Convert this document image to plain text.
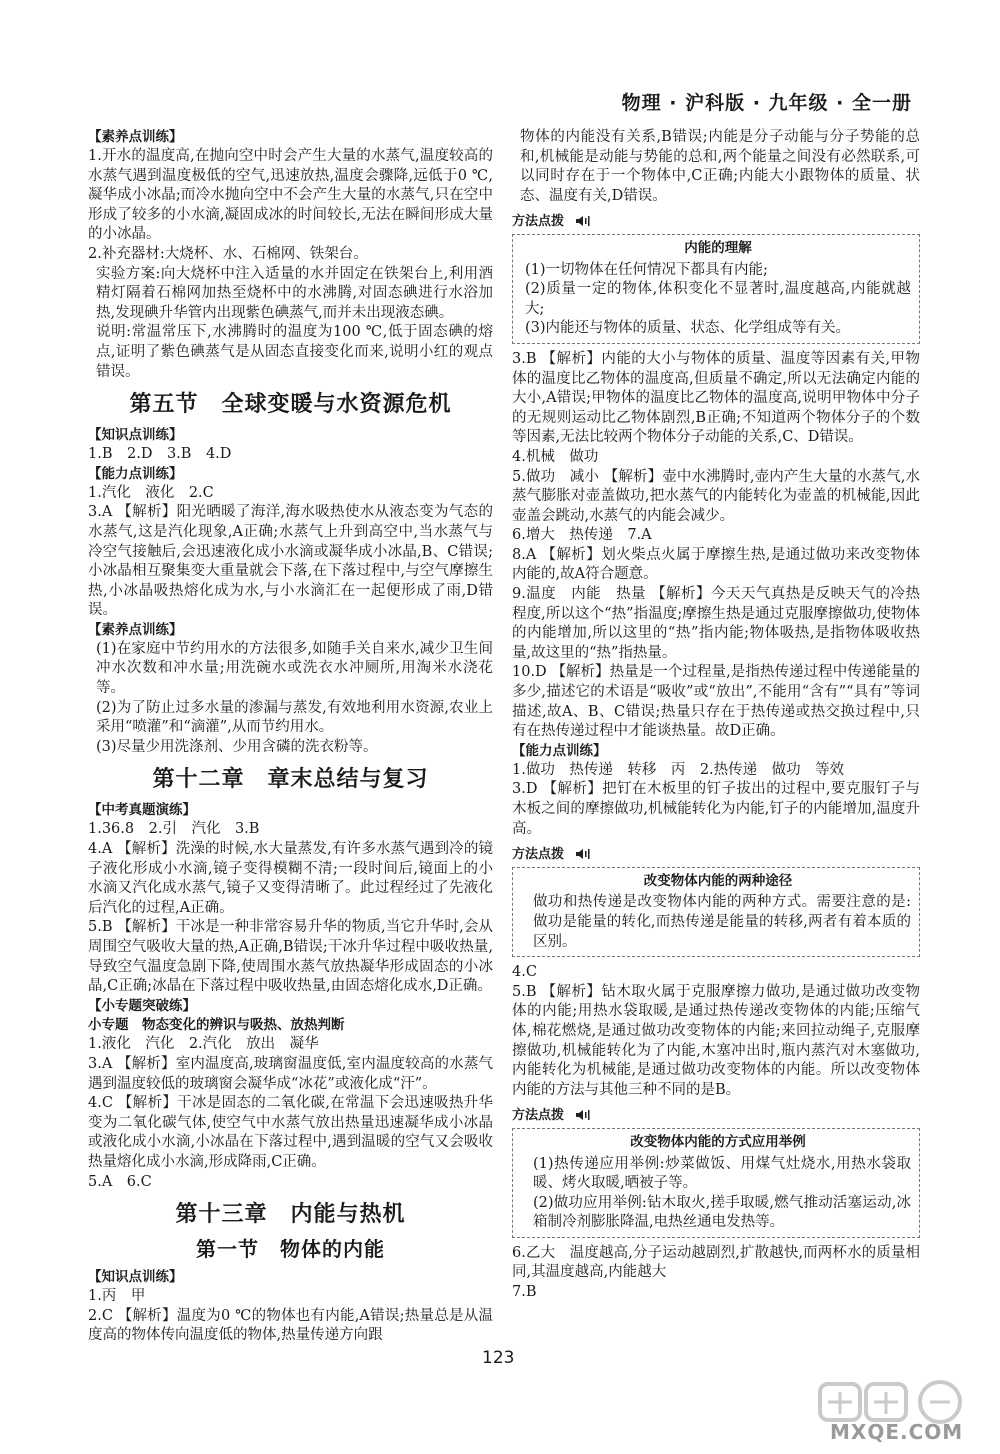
物理 · 沪科版 · 九年级 · 全一册
【素养点训练】

1.开水的温度高,在抛向空中时会产生大量的水蒸气,温度较高的水蒸气遇到温度极低的空气,迅速放热,温度会骤降,远低于0 ℃,凝华成小冰晶;而冷水抛向空中不会产生大量的水蒸气,只在空中形成了较多的小水滴,凝固成冰的时间较长,无法在瞬间形成大量的小冰晶。

2.补充器材:大烧杯、水、石棉网、铁架台。

实验方案:向大烧杯中注入适量的水并固定在铁架台上,利用酒精灯隔着石棉网加热至烧杯中的水沸腾,对固态碘进行水浴加热,发现碘升华管内出现紫色碘蒸气,而并未出现液态碘。

说明:常温常压下,水沸腾时的温度为100 ℃,低于固态碘的熔点,证明了紫色碘蒸气是从固态直接变化而来,说明小红的观点错误。

第五节　全球变暖与水资源危机
【知识点训练】

1.B　2.D　3.B　4.D

【能力点训练】

1.汽化　液化　2.C

3.A 【解析】阳光晒暖了海洋,海水吸热使水从液态变为气态的水蒸气,这是汽化现象,A正确;水蒸气上升到高空中,当水蒸气与冷空气接触后,会迅速液化成小水滴或凝华成小冰晶,B、C错误;小冰晶相互聚集变大重量就会下落,在下落过程中,与空气摩擦生热,小冰晶吸热熔化成为水,与小水滴汇在一起便形成了雨,D错误。

【素养点训练】

(1)在家庭中节约用水的方法很多,如随手关自来水,减少卫生间冲水次数和冲水量;用洗碗水或洗衣水冲厕所,用淘米水浇花等。

(2)为了防止过多水量的渗漏与蒸发,有效地利用水资源,农业上采用“喷灌”和“滴灌”,从而节约用水。

(3)尽量少用洗涤剂、少用含磷的洗衣粉等。

第十二章　章末总结与复习
【中考真题演练】

1.36.8　2.引　汽化　3.B

4.A 【解析】洗澡的时候,水大量蒸发,有许多水蒸气遇到冷的镜子液化形成小水滴,镜子变得模糊不清;一段时间后,镜面上的小水滴又汽化成水蒸气,镜子又变得清晰了。此过程经过了先液化后汽化的过程,A正确。

5.B 【解析】干冰是一种非常容易升华的物质,当它升华时,会从周围空气吸收大量的热,A正确,B错误;干冰升华过程中吸收热量,导致空气温度急剧下降,使周围水蒸气放热凝华形成固态的小冰晶,C正确;冰晶在下落过程中吸收热量,由固态熔化成水,D正确。

【小专题突破练】
小专题　物态变化的辨识与吸热、放热判断

1.液化　汽化　2.汽化　放出　凝华

3.A 【解析】室内温度高,玻璃窗温度低,室内温度较高的水蒸气遇到温度较低的玻璃窗会凝华成“冰花”或液化成“汗”。

4.C 【解析】干冰是固态的二氧化碳,在常温下会迅速吸热升华变为二氧化碳气体,使空气中水蒸气放出热量迅速凝华成小冰晶或液化成小水滴,小冰晶在下落过程中,遇到温暖的空气又会吸收热量熔化成小水滴,形成降雨,C正确。

5.A　6.C

第十三章　内能与热机
第一节　物体的内能
【知识点训练】

1.丙　甲

2.C 【解析】温度为0 ℃的物体也有内能,A错误;热量总是从温度高的物体传向温度低的物体,热量传递方向跟

物体的内能没有关系,B错误;内能是分子动能与分子势能的总和,机械能是动能与势能的总和,两个能量之间没有必然联系,可以同时存在于一个物体中,C正确;内能大小跟物体的质量、状态、温度有关,D错误。

方法点拨
内能的理解

(1)一切物体在任何情况下都具有内能;

(2)质量一定的物体,体积变化不显著时,温度越高,内能就越大;

(3)内能还与物体的质量、状态、化学组成等有关。

3.B 【解析】内能的大小与物体的质量、温度等因素有关,甲物体的温度比乙物体的温度高,但质量不确定,所以无法确定内能的大小,A错误;甲物体的温度比乙物体的温度高,说明甲物体中分子的无规则运动比乙物体剧烈,B正确;不知道两个物体分子的个数等因素,无法比较两个物体分子动能的关系,C、D错误。

4.机械　做功

5.做功　减小 【解析】壶中水沸腾时,壶内产生大量的水蒸气,水蒸气膨胀对壶盖做功,把水蒸气的内能转化为壶盖的机械能,因此壶盖会跳动,水蒸气的内能会减少。

6.增大　热传递　7.A

8.A 【解析】划火柴点火属于摩擦生热,是通过做功来改变物体内能的,故A符合题意。

9.温度　内能　热量 【解析】今天天气真热是反映天气的冷热程度,所以这个“热”指温度;摩擦生热是通过克服摩擦做功,使物体的内能增加,所以这里的“热”指内能;物体吸热,是指物体吸收热量,故这里的“热”指热量。

10.D 【解析】热量是一个过程量,是指热传递过程中传递能量的多少,描述它的术语是“吸收”或“放出”,不能用“含有”“具有”等词描述,故A、B、C错误;热量只存在于热传递或热交换过程中,只有在热传递过程中才能谈热量。故D正确。

【能力点训练】

1.做功　热传递　转移　丙　2.热传递　做功　等效

3.D 【解析】把钉在木板里的钉子拔出的过程中,要克服钉子与木板之间的摩擦做功,机械能转化为内能,钉子的内能增加,温度升高。

方法点拨
改变物体内能的两种途径

做功和热传递是改变物体内能的两种方式。需要注意的是:做功是能量的转化,而热传递是能量的转移,两者有着本质的区别。

4.C

5.B 【解析】钻木取火属于克服摩擦力做功,是通过做功改变物体的内能;用热水袋取暖,是通过热传递改变物体的内能;压缩气体,棉花燃烧,是通过做功改变物体的内能;来回拉动绳子,克服摩擦做功,机械能转化为了内能,木塞冲出时,瓶内蒸汽对木塞做功,内能转化为机械能,是通过做功改变物体的内能。所以改变物体内能的方法与其他三种不同的是B。

方法点拨
改变物体内能的方式应用举例

(1)热传递应用举例:炒菜做饭、用煤气灶烧水,用热水袋取暖、烤火取暖,晒被子等。

(2)做功应用举例:钻木取火,搓手取暖,燃气推动活塞运动,冰箱制冷剂膨胀降温,电热丝通电发热等。

6.乙大　温度越高,分子运动越剧烈,扩散越快,而两杯水的质量相同,其温度越高,内能越大

7.B

123
MXQE.COM
